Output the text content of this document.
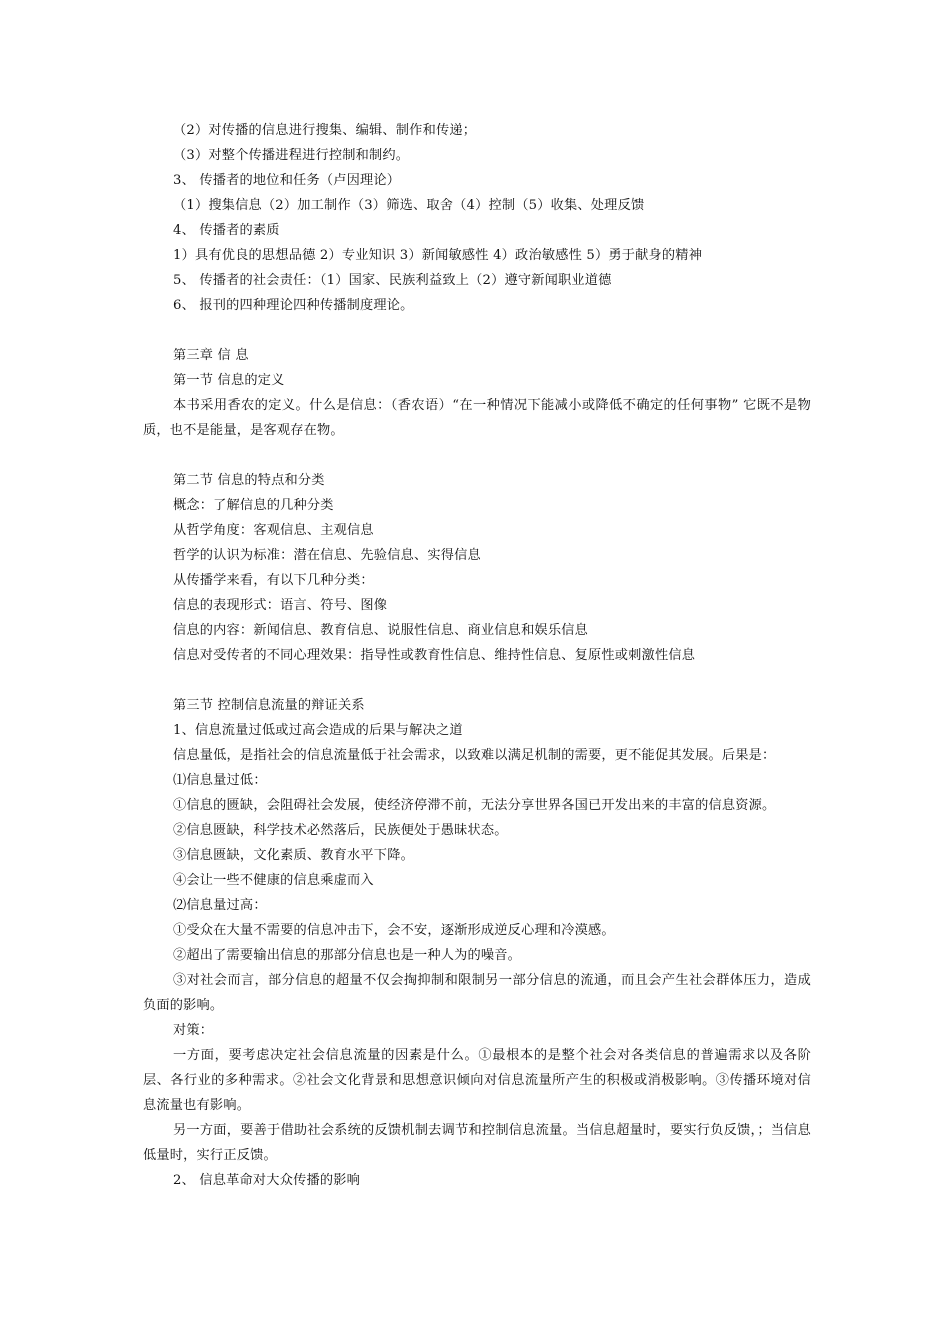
（2）对传播的信息进行搜集、编辑、制作和传递；
（3）对整个传播进程进行控制和制约。
3、 传播者的地位和任务（卢因理论）
（1）搜集信息（2）加工制作（3）筛选、取舍（4）控制（5）收集、处理反馈
4、 传播者的素质
1）具有优良的思想品德 2）专业知识 3）新闻敏感性 4）政治敏感性 5）勇于献身的精神
5、 传播者的社会责任：（1）国家、民族利益致上（2）遵守新闻职业道德
6、 报刊的四种理论四种传播制度理论。
第三章 信 息
第一节 信息的定义
本书采用香农的定义。什么是信息：（香农语）“在一种情况下能减小或降低不确定的任何事物” 它既不是物质，也不是能量，是客观存在物。
第二节 信息的特点和分类
概念：了解信息的几种分类
从哲学角度：客观信息、主观信息
哲学的认识为标准：潜在信息、先验信息、实得信息
从传播学来看，有以下几种分类：
信息的表现形式：语言、符号、图像
信息的内容：新闻信息、教育信息、说服性信息、商业信息和娱乐信息
信息对受传者的不同心理效果：指导性或教育性信息、维持性信息、复原性或刺激性信息
第三节 控制信息流量的辩证关系
1、信息流量过低或过高会造成的后果与解决之道
信息量低，是指社会的信息流量低于社会需求，以致难以满足机制的需要，更不能促其发展。后果是：
⑴信息量过低：
①信息的匮缺，会阻碍社会发展，使经济停滞不前，无法分享世界各国已开发出来的丰富的信息资源。
②信息匮缺，科学技术必然落后，民族便处于愚昧状态。
③信息匮缺，文化素质、教育水平下降。
④会让一些不健康的信息乘虚而入
⑵信息量过高：
①受众在大量不需要的信息冲击下，会不安，逐渐形成逆反心理和冷漠感。
②超出了需要输出信息的那部分信息也是一种人为的噪音。
③对社会而言，部分信息的超量不仅会掏抑制和限制另一部分信息的流通，而且会产生社会群体压力，造成负面的影响。
对策：
一方面，要考虑决定社会信息流量的因素是什么。①最根本的是整个社会对各类信息的普遍需求以及各阶层、各行业的多种需求。②社会文化背景和思想意识倾向对信息流量所产生的积极或消极影响。③传播环境对信息流量也有影响。
另一方面，要善于借助社会系统的反馈机制去调节和控制信息流量。当信息超量时，要实行负反馈，；当信息低量时，实行正反馈。
2、 信息革命对大众传播的影响
